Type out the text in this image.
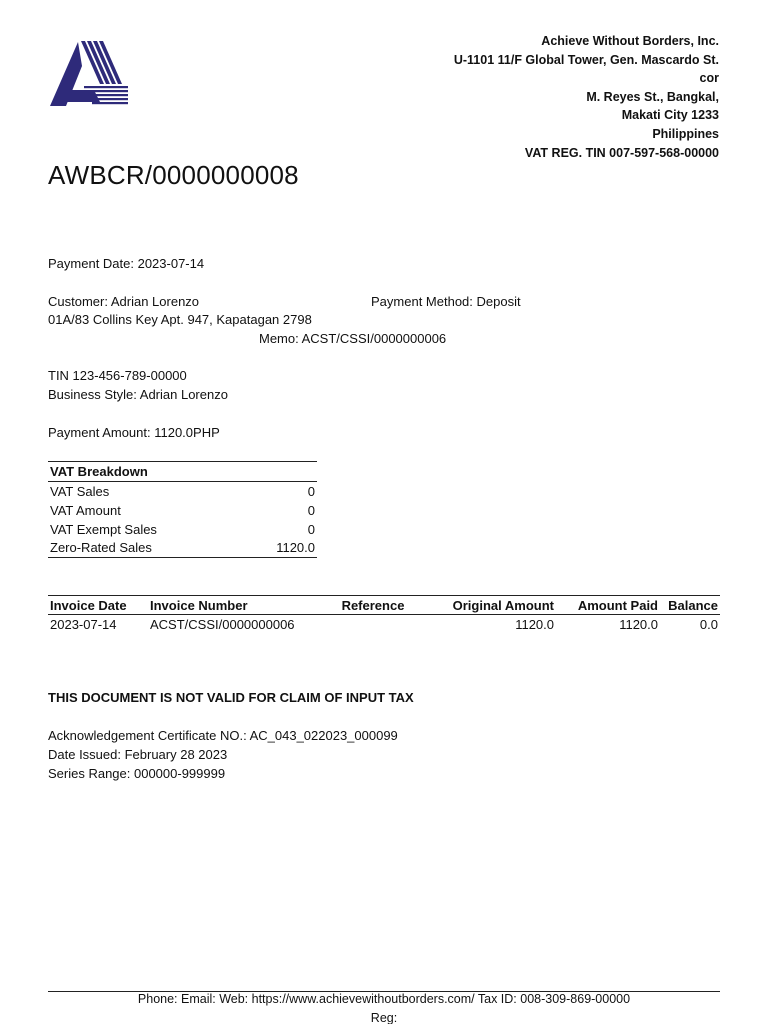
Achieve Without Borders, Inc.
U-1101 11/F Global Tower, Gen. Mascardo St.
cor
M. Reyes St., Bangkal,
Makati City 1233
Philippines
VAT REG. TIN 007-597-568-00000
AWBCR/0000000008
Payment Date: 2023-07-14
Customer: Adrian Lorenzo	Payment Method: Deposit
01A/83 Collins Key Apt. 947, Kapatagan 2798
Memo: ACST/CSSI/0000000006
TIN 123-456-789-00000
Business Style: Adrian Lorenzo
Payment Amount: 1120.0PHP
VAT Breakdown	
VAT Sales	0
VAT Amount	0
VAT Exempt Sales	0
Zero-Rated Sales	1120.0
Invoice Date	Invoice Number	Reference	Original Amount	Amount Paid	Balance
2023-07-14	ACST/CSSI/0000000006		1120.0	1120.0	0.0
THIS DOCUMENT IS NOT VALID FOR CLAIM OF INPUT TAX
Acknowledgement Certificate NO.: AC_043_022023_000099
Date Issued: February 28 2023
Series Range: 000000-999999
Phone: Email: Web: https://www.achievewithoutborders.com/ Tax ID: 008-309-869-00000
Reg:
